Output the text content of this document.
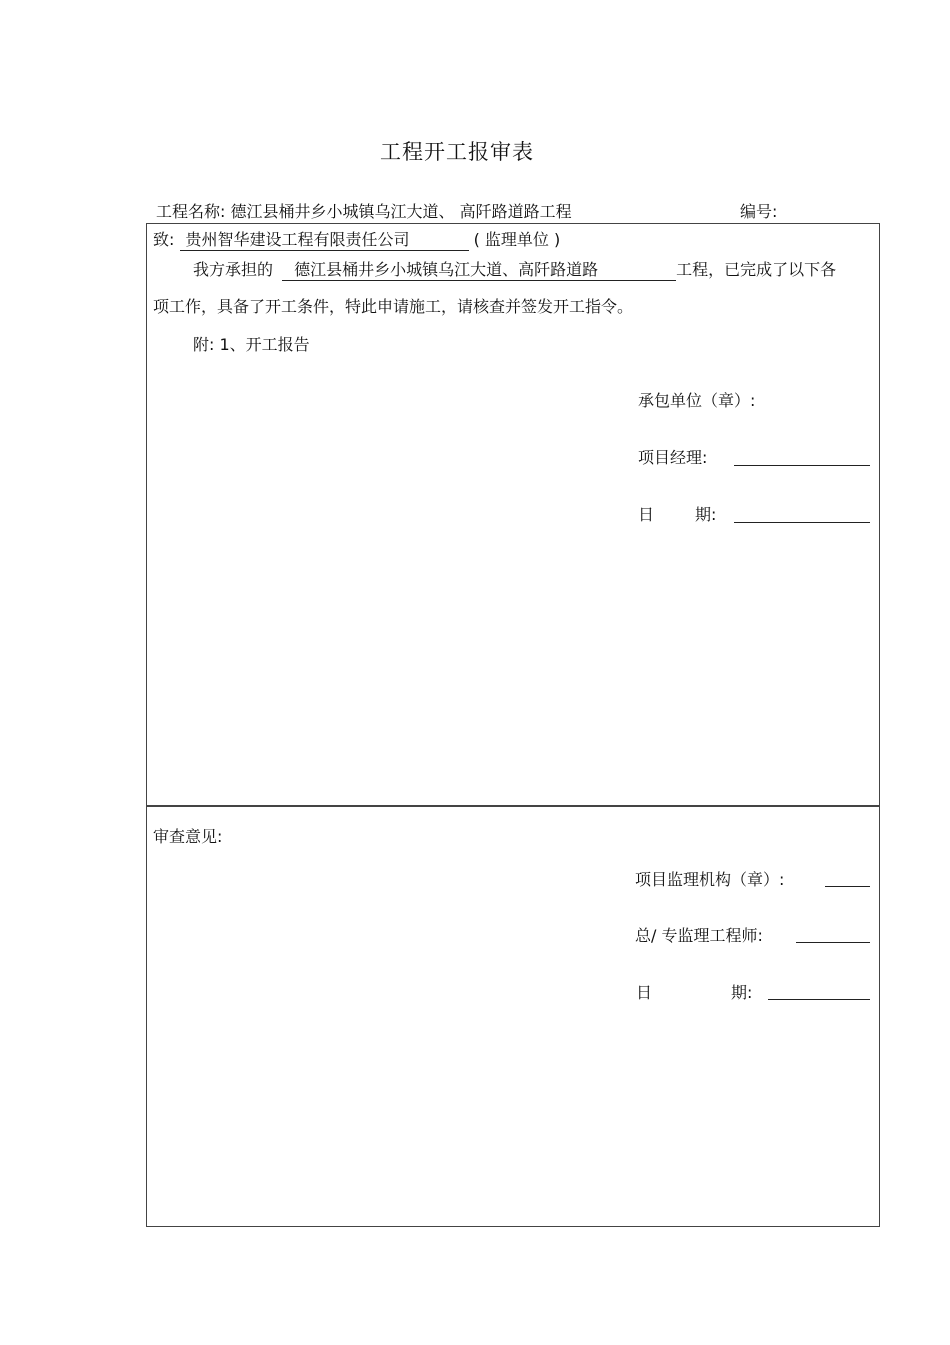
工程开工报审表
工程名称: 德江县桶井乡小城镇乌江大道、 高阡路道路工程	编号:
致: 贵州智华建设工程有限责任公司	( 监理单位 )
我方承担的 德江县桶井乡小城镇乌江大道、高阡路道路	工程，已完成了以下各
项工作，具备了开工条件，特此申请施工，请核查并签发开工指令。
附: 1、开工报告
承包单位（章）:
项目经理:
日	期:
审查意见:
项目监理机构（章）:
总/ 专监理工程师:
日	期:
